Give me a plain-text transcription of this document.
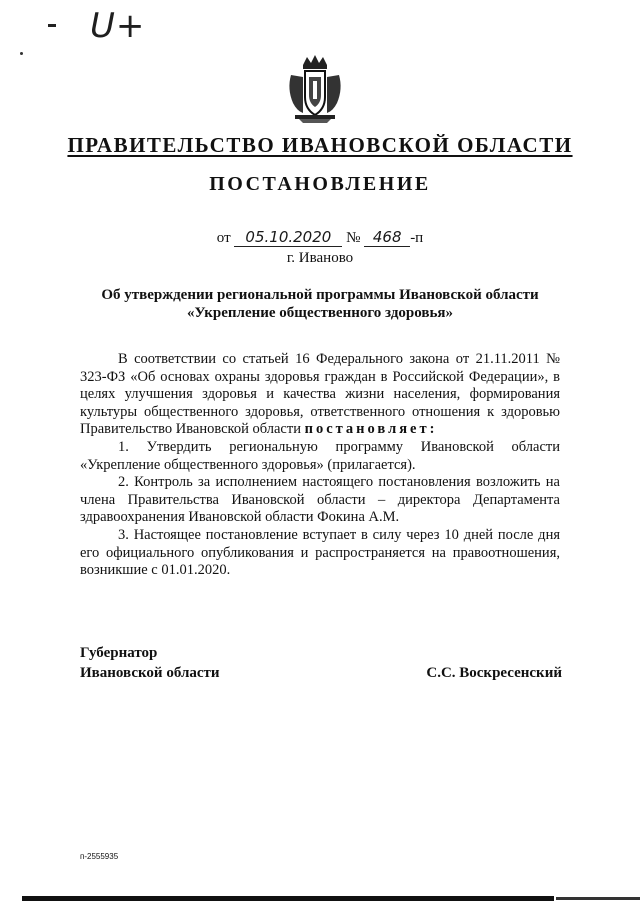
U+
ПРАВИТЕЛЬСТВО ИВАНОВСКОЙ ОБЛАСТИ
ПОСТАНОВЛЕНИЕ
от 05.10.2020 № 468 -п
г. Иваново
Об утверждении региональной программы Ивановской области
«Укрепление общественного здоровья»

В соответствии со статьей 16 Федерального закона от 21.11.2011 № 323-ФЗ «Об основах охраны здоровья граждан в Российской Федерации», в целях улучшения здоровья и качества жизни населения, формирования культуры общественного здоровья, ответственного отношения к здоровью Правительство Ивановской области постановляет:

1. Утвердить региональную программу Ивановской области «Укрепление общественного здоровья» (прилагается).

2. Контроль за исполнением настоящего постановления возложить на члена Правительства Ивановской области – директора Департамента здравоохранения Ивановской области Фокина А.М.

3. Настоящее постановление вступает в силу через 10 дней после дня его официального опубликования и распространяется на правоотношения, возникшие с 01.01.2020.

Губернатор
Ивановской области	С.С. Воскресенский
п-2555935
